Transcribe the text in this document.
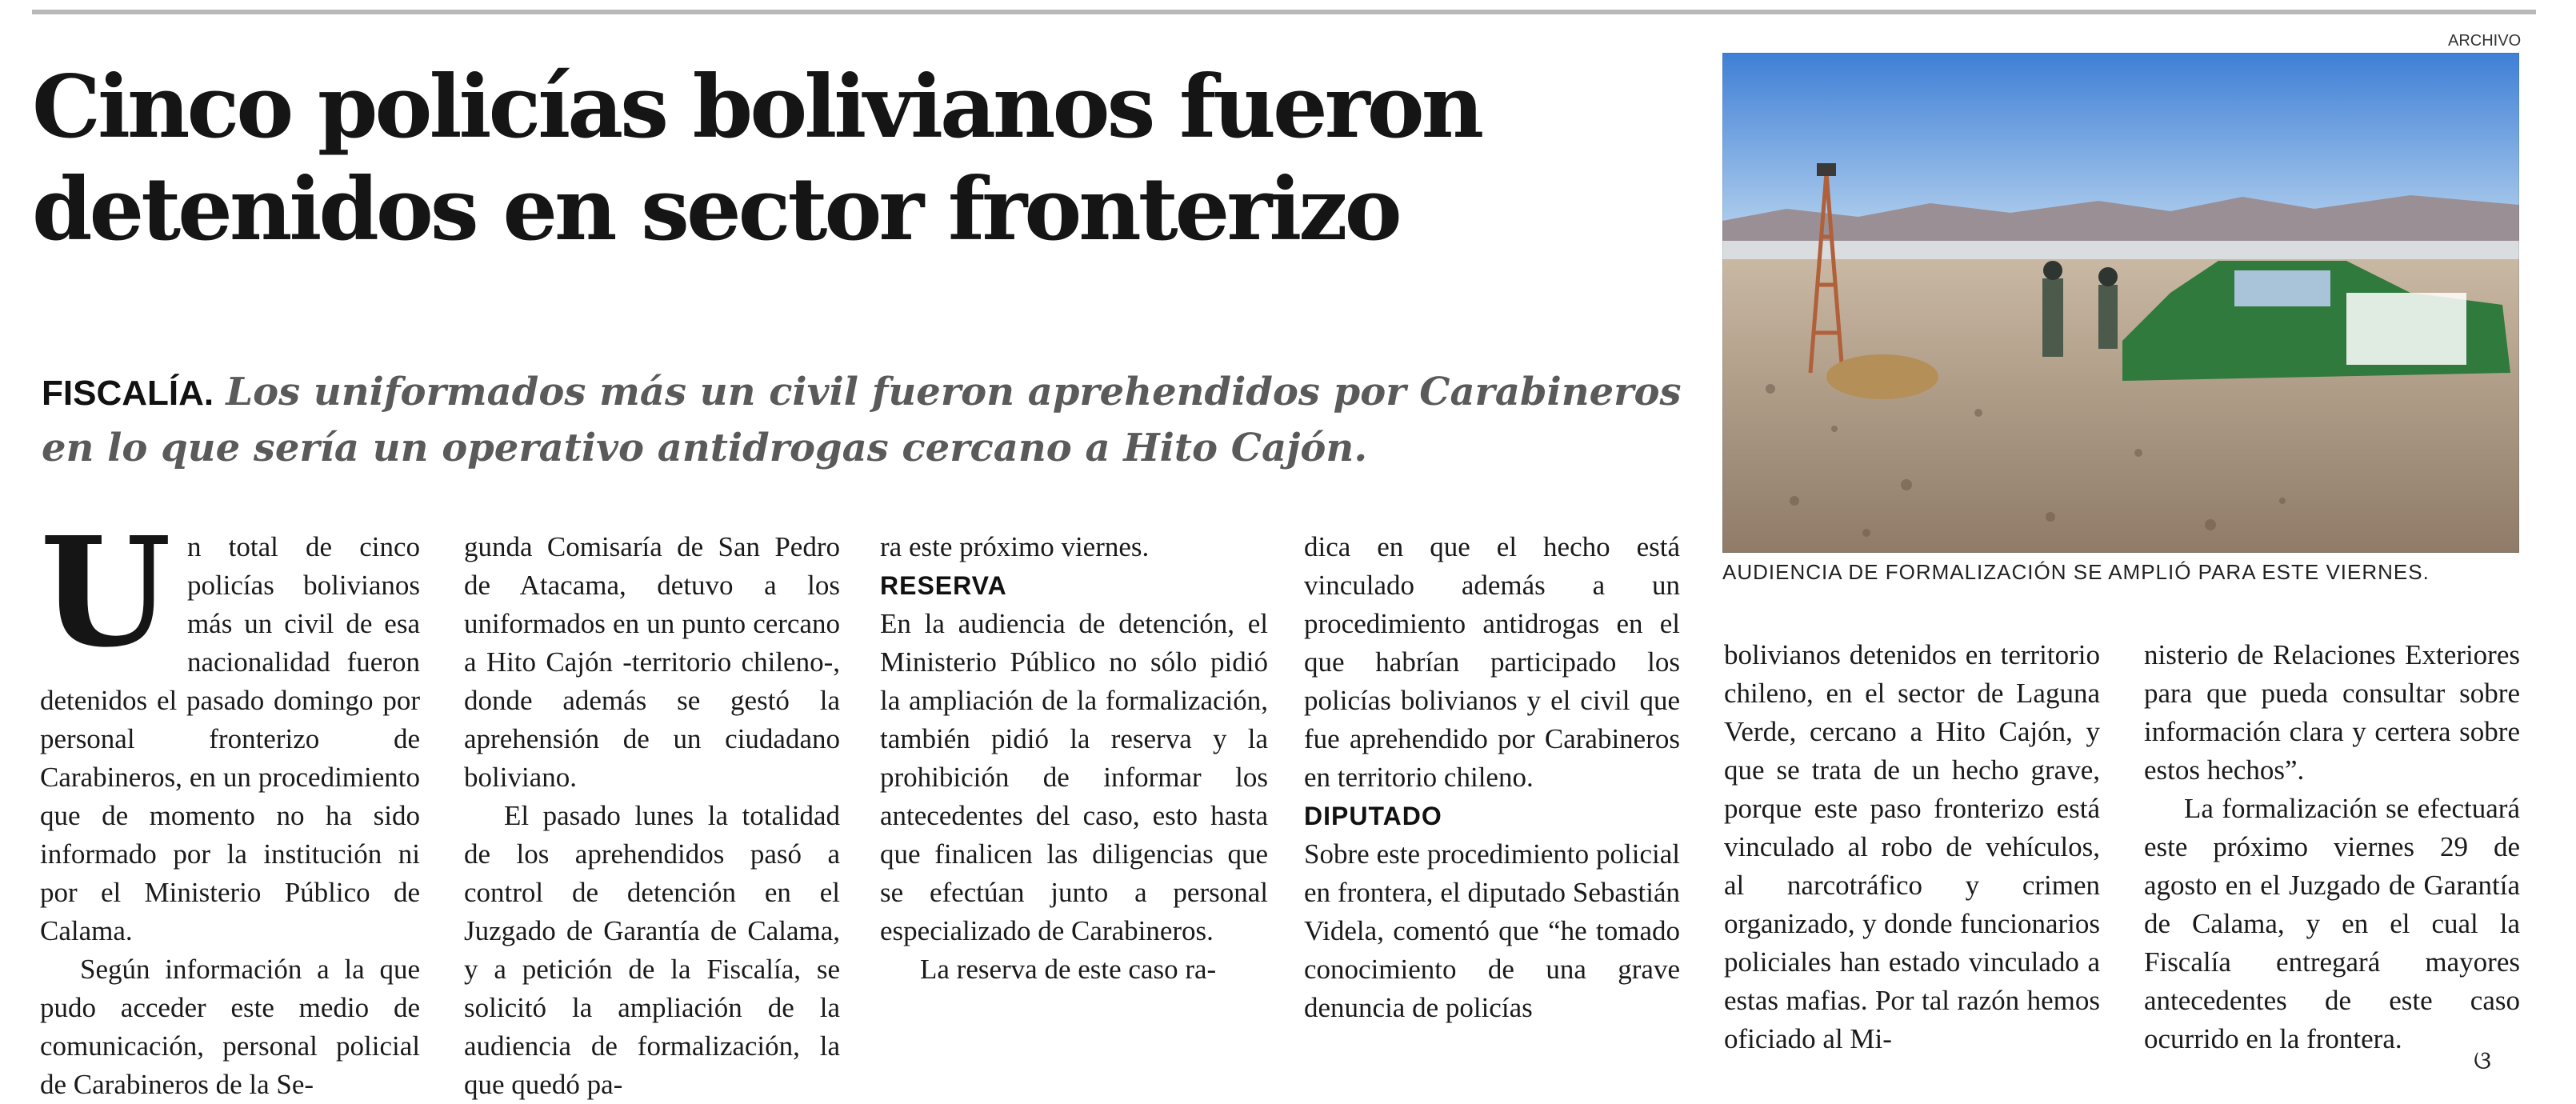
ARCHIVO
Cinco policías bolivianos fueron
detenidos en sector fronterizo
AUDIENCIA DE FORMALIZACIÓN SE AMPLIÓ PARA ESTE VIERNES.
FISCALÍA. Los uniformados más un civil fueron aprehendidos por Carabineros en lo que sería un operativo antidrogas cercano a Hito Cajón.
U n total de cinco policías bolivianos más un civil de esa nacionalidad fueron detenidos el pasado domingo por personal fronterizo de Carabineros, en un procedimiento que de momento no ha sido informado por la institución ni por el Ministerio Público de Calama.

Según información a la que pudo acceder este medio de comunicación, personal policial de Carabineros de la Se-

gunda Comisaría de San Pedro de Atacama, detuvo a los uniformados en un punto cercano a Hito Cajón -territorio chileno-, donde además se gestó la aprehensión de un ciudadano boliviano.

El pasado lunes la totalidad de los aprehendidos pasó a control de detención en el Juzgado de Garantía de Calama, y a petición de la Fiscalía, se solicitó la ampliación de la audiencia de formalización, la que quedó pa-

ra este próximo viernes.

RESERVA

En la audiencia de detención, el Ministerio Público no sólo pidió la ampliación de la formalización, también pidió la reserva y la prohibición de informar los antecedentes del caso, esto hasta que finalicen las diligencias que se efectúan junto a personal especializado de Carabineros.

La reserva de este caso ra-

dica en que el hecho está vinculado además a un procedimiento antidrogas en el que habrían participado los policías bolivianos y el civil que fue aprehendido por Carabineros en territorio chileno.

DIPUTADO

Sobre este procedimiento policial en frontera, el diputado Sebastián Videla, comentó que “he tomado conocimiento de una grave denuncia de policías

bolivianos detenidos en territorio chileno, en el sector de Laguna Verde, cercano a Hito Cajón, y que se trata de un hecho grave, porque este paso fronterizo está vinculado al robo de vehículos, al narcotráfico y crimen organizado, y donde funcionarios policiales han estado vinculado a estas mafias. Por tal razón hemos oficiado al Mi-

nisterio de Relaciones Exteriores para que pueda consultar sobre información clara y certera sobre estos hechos”.

La formalización se efectuará este próximo viernes 29 de agosto en el Juzgado de Garantía de Calama, y en el cual la Fiscalía entregará mayores antecedentes de este caso ocurrido en la frontera.

ଓ
